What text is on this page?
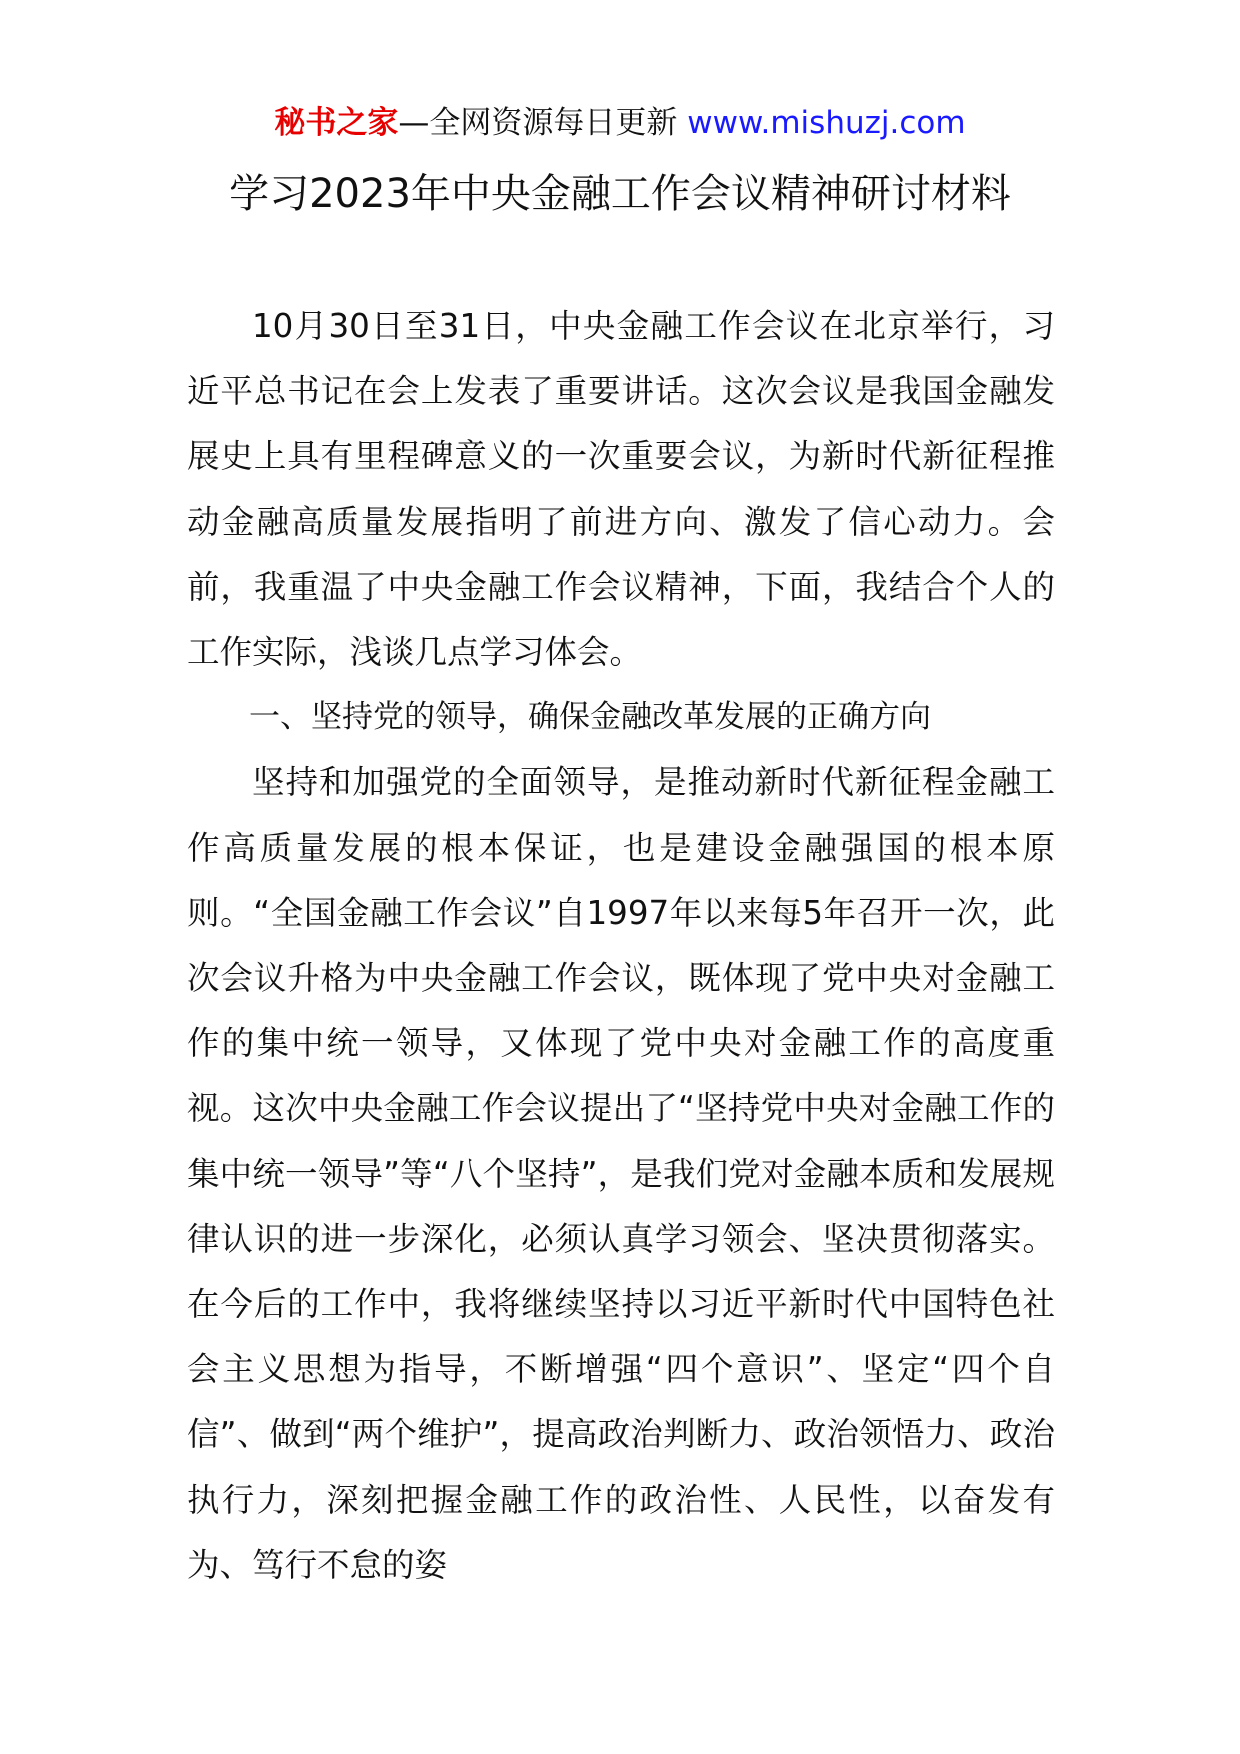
秘书之家—全网资源每日更新 www.mishuzj.com
学习2023年中央金融工作会议精神研讨材料

10月30日至31日，中央金融工作会议在北京举行，习近平总书记在会上发表了重要讲话。这次会议是我国金融发展史上具有里程碑意义的一次重要会议，为新时代新征程推动金融高质量发展指明了前进方向、激发了信心动力。会前，我重温了中央金融工作会议精神，下面，我结合个人的工作实际，浅谈几点学习体会。

一、坚持党的领导，确保金融改革发展的正确方向

坚持和加强党的全面领导，是推动新时代新征程金融工作高质量发展的根本保证，也是建设金融强国的根本原则。“全国金融工作会议”自1997年以来每5年召开一次，此次会议升格为中央金融工作会议，既体现了党中央对金融工作的集中统一领导，又体现了党中央对金融工作的高度重视。这次中央金融工作会议提出了“坚持党中央对金融工作的集中统一领导”等“八个坚持”，是我们党对金融本质和发展规律认识的进一步深化，必须认真学习领会、坚决贯彻落实。在今后的工作中，我将继续坚持以习近平新时代中国特色社会主义思想为指导，不断增强“四个意识”、坚定“四个自信”、做到“两个维护”，提高政治判断力、政治领悟力、政治执行力，深刻把握金融工作的政治性、人民性，以奋发有为、笃行不怠的姿
